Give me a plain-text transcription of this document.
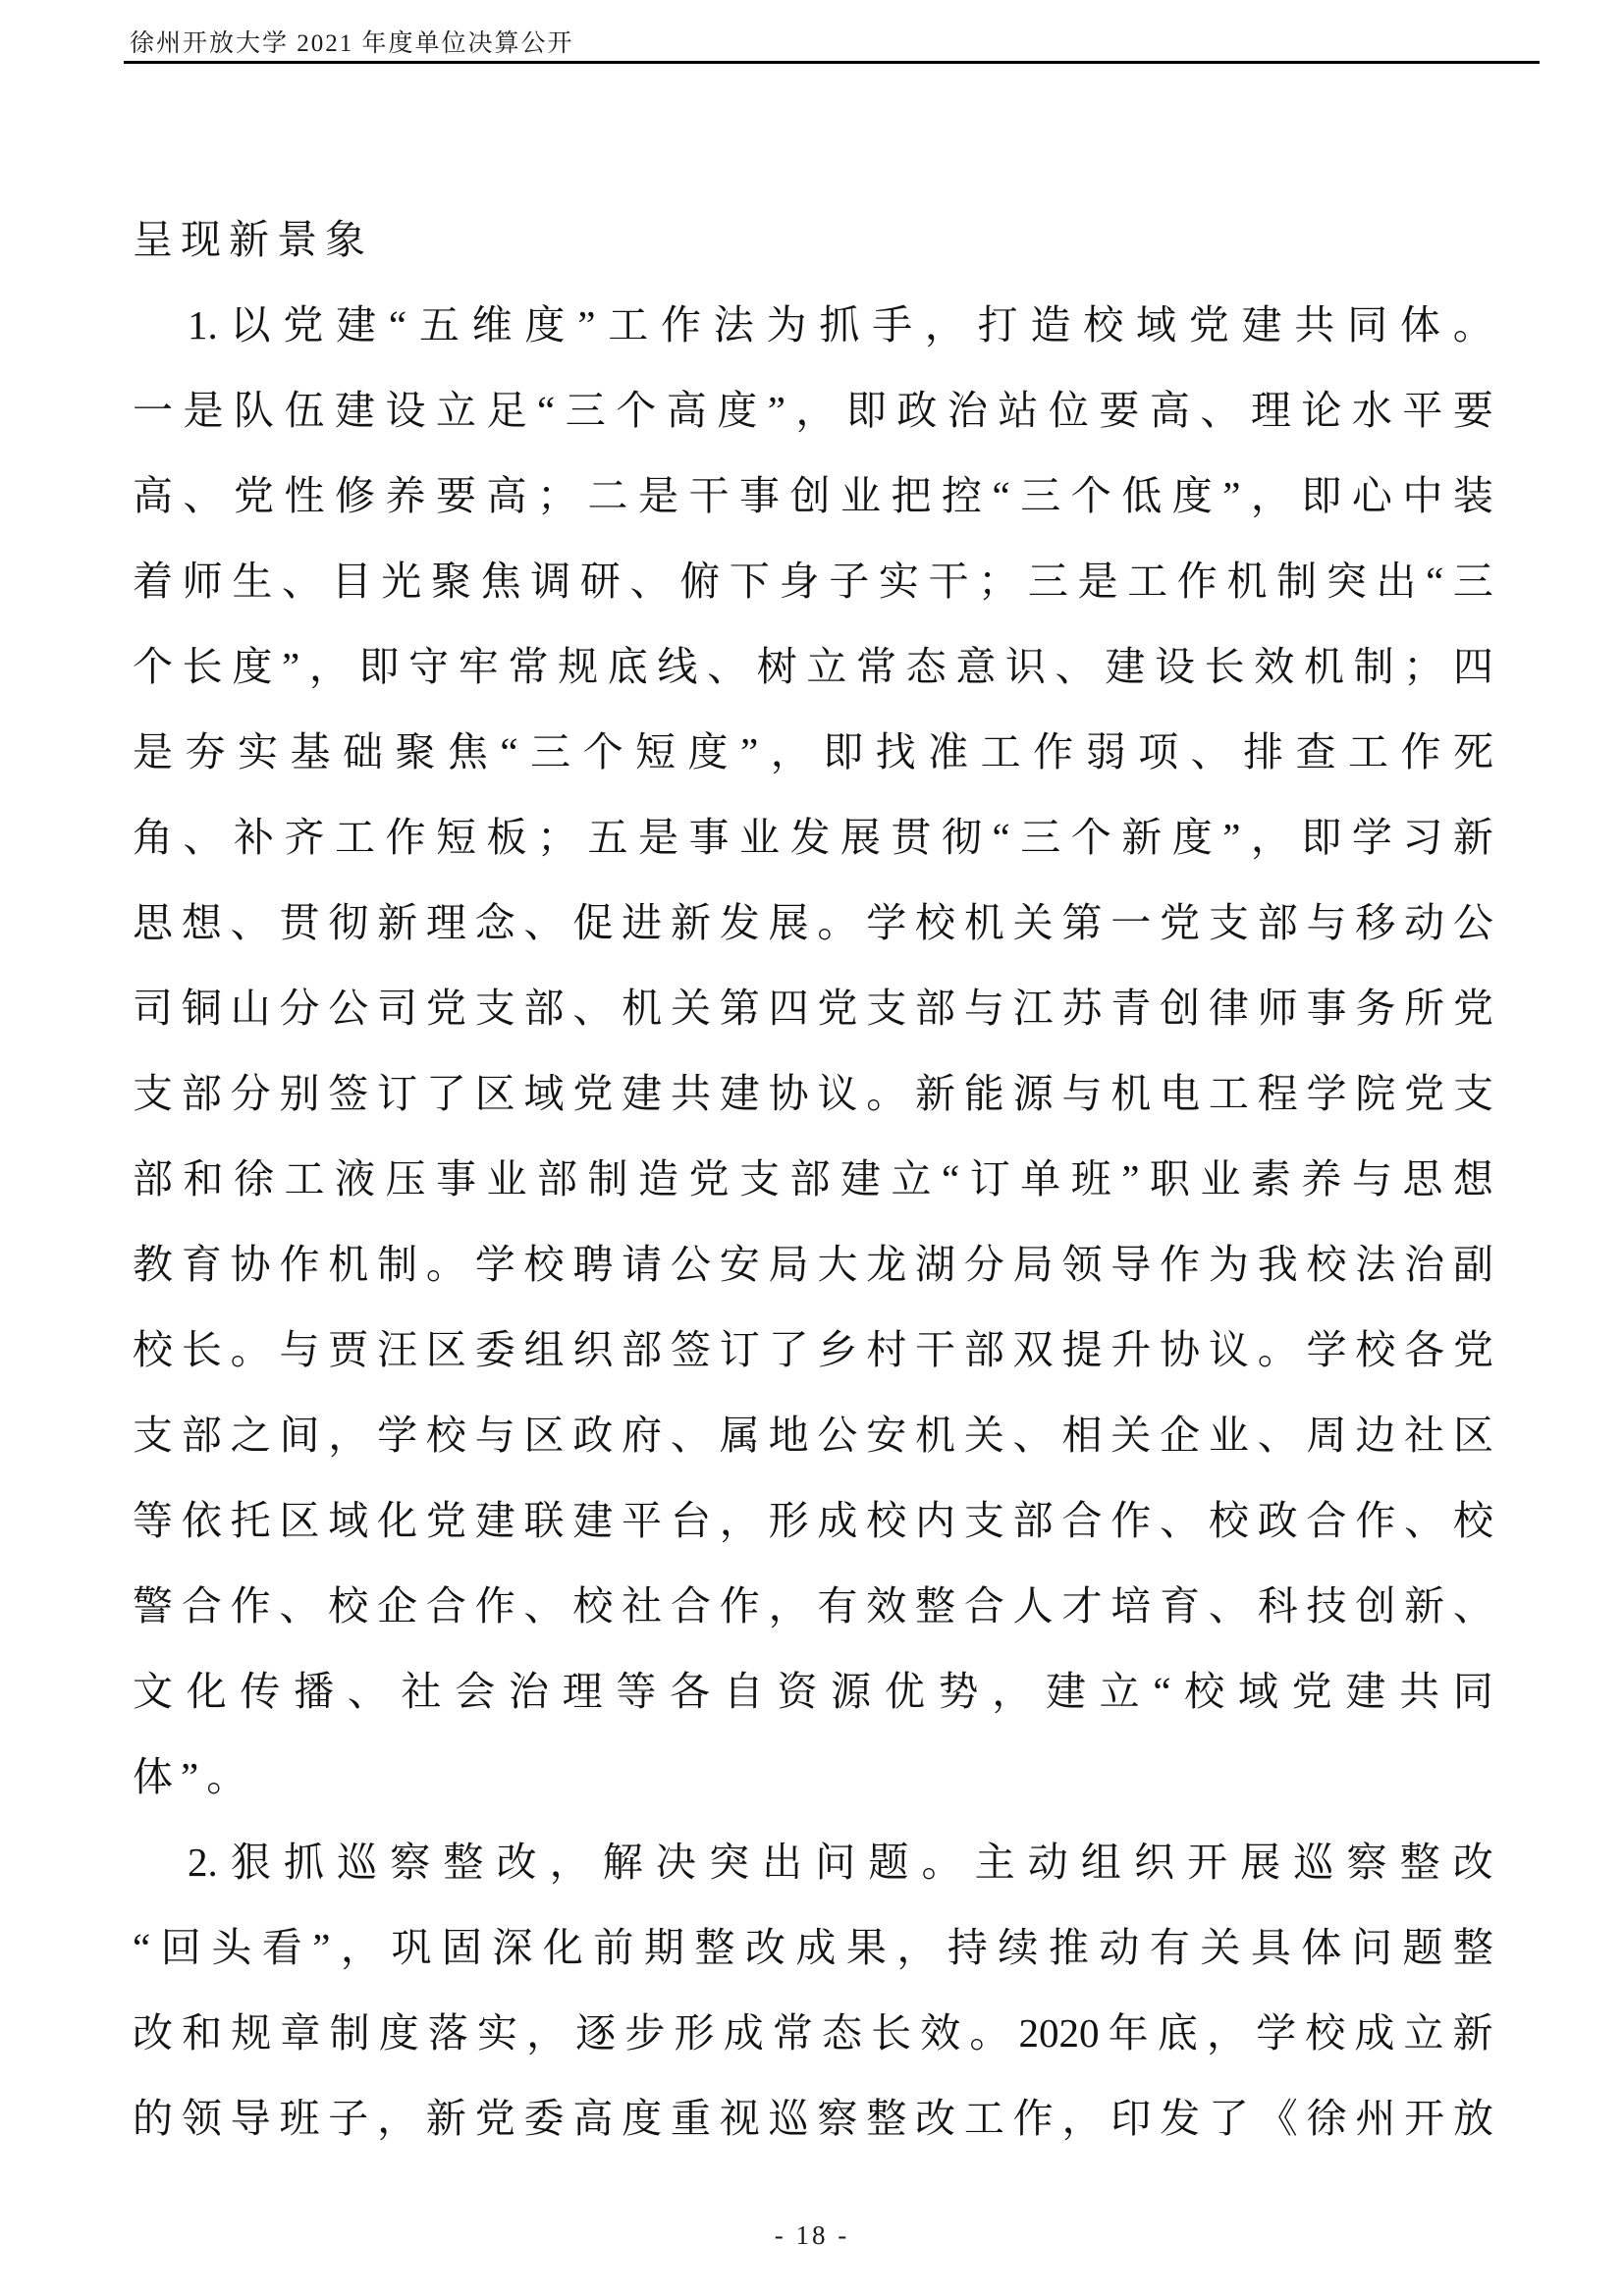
徐州开放大学 2021 年度单位决算公开
呈现新景象
1. 以 党 建 “ 五 维 度 ” 工 作 法 为 抓 手 ， 打 造 校 域 党 建 共 同 体 。
一 是 队 伍 建 设 立 足 “ 三 个 高 度 ” ， 即 政 治 站 位 要 高 、 理 论 水 平 要
高 、 党 性 修 养 要 高 ； 二 是 干 事 创 业 把 控 “ 三 个 低 度 ” ， 即 心 中 装
着 师 生 、 目 光 聚 焦 调 研 、 俯 下 身 子 实 干 ； 三 是 工 作 机 制 突 出 “ 三
个 长 度 ” ， 即 守 牢 常 规 底 线 、 树 立 常 态 意 识 、 建 设 长 效 机 制 ； 四
是 夯 实 基 础 聚 焦 “ 三 个 短 度 ” ， 即 找 准 工 作 弱 项 、 排 查 工 作 死
角 、 补 齐 工 作 短 板 ； 五 是 事 业 发 展 贯 彻 “ 三 个 新 度 ” ， 即 学 习 新
思 想 、 贯 彻 新 理 念 、 促 进 新 发 展 。 学 校 机 关 第 一 党 支 部 与 移 动 公
司 铜 山 分 公 司 党 支 部 、 机 关 第 四 党 支 部 与 江 苏 青 创 律 师 事 务 所 党
支 部 分 别 签 订 了 区 域 党 建 共 建 协 议 。 新 能 源 与 机 电 工 程 学 院 党 支
部 和 徐 工 液 压 事 业 部 制 造 党 支 部 建 立 “ 订 单 班 ” 职 业 素 养 与 思 想
教 育 协 作 机 制 。 学 校 聘 请 公 安 局 大 龙 湖 分 局 领 导 作 为 我 校 法 治 副
校 长 。 与 贾 汪 区 委 组 织 部 签 订 了 乡 村 干 部 双 提 升 协 议 。 学 校 各 党
支 部 之 间 ， 学 校 与 区 政 府 、 属 地 公 安 机 关 、 相 关 企 业 、 周 边 社 区
等 依 托 区 域 化 党 建 联 建 平 台 ， 形 成 校 内 支 部 合 作 、 校 政 合 作 、 校
警 合 作 、 校 企 合 作 、 校 社 合 作 ， 有 效 整 合 人 才 培 育 、 科 技 创 新 、
文 化 传 播 、 社 会 治 理 等 各 自 资 源 优 势 ， 建 立 “ 校 域 党 建 共 同
体”。
2. 狠 抓 巡 察 整 改 ， 解 决 突 出 问 题 。 主 动 组 织 开 展 巡 察 整 改
“ 回 头 看 ” ， 巩 固 深 化 前 期 整 改 成 果 ， 持 续 推 动 有 关 具 体 问 题 整
改 和 规 章 制 度 落 实 ， 逐 步 形 成 常 态 长 效 。 2020 年 底 ， 学 校 成 立 新
的 领 导 班 子 ， 新 党 委 高 度 重 视 巡 察 整 改 工 作 ， 印 发 了 《 徐 州 开 放
- 18 -
